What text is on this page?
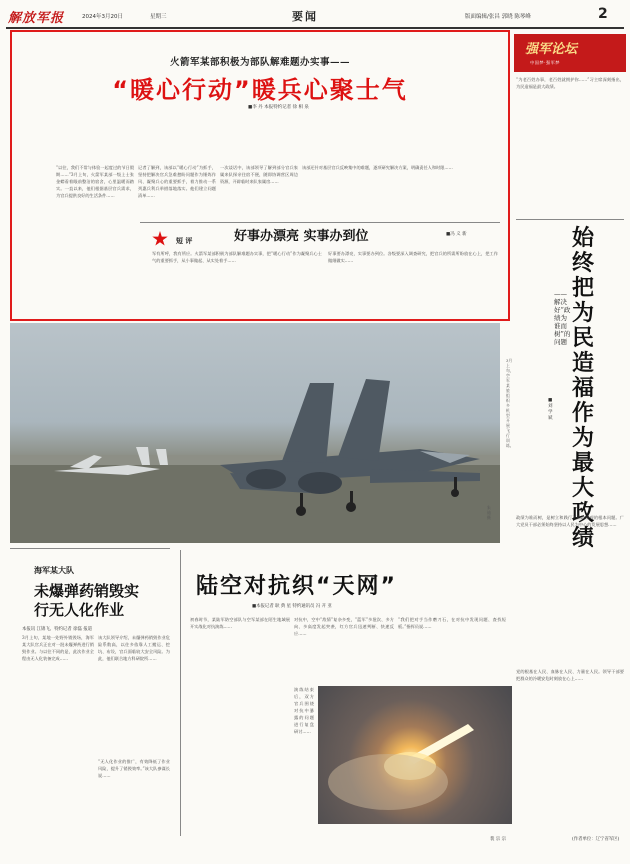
解放军报	2024年3月20日	星期三	要闻	版面编辑/张昌 郭晓 陈琴峰	2
火箭军某部积极为部队解难题办实事——
“暖心行动”暖兵心聚士气
■李 丹 本报特约记者 徐 相 泉
“以往，我们不常与体验一起度过的节日假期……”3月上旬，火箭军某部一级上士张金蟒看着眼前整洁的宿舍，心里温暖而踏实。一直以来，他们根据基层官兵需求，为官兵提供良好的生活条件……
记者了解到，该部以“暖心行动”为抓手，坚持把解决官兵急难愁盼问题作为锤炼作风、凝聚兵心的重要抓手，着力推动一系列惠兵利兵举措落地落实。他们建立问题清单……
一次谈话中，该部领导了解到部分官兵家属来队探亲住宿不便，随即协调营区周边资源，开辟临时来队家属房……
该部还针对基层官兵反映集中的难题，逐项研究解决方案，明确责任人和时限……
短 评	好事办漂亮 实事办到位	■冯 义 新
军有所呼，我有所应。火箭军某部积极为部队解难题办实事，把“暖心行动”作为凝聚兵心士气的重要抓手，从小事做起、从实处着手……
好事要办漂亮，实事要办到位。各级要深入调查研究，把官兵的所需所盼放在心上，把工作做细做实……
强军论坛
中国梦·强军梦
“为老百姓办事，老百姓就拥护你……”习主席深刻指出，为民造福是最大政绩。
始终把为民造福作为最大政绩
——解决好“政绩为谁而树”的问题
■刘学斌
政绩为谁而树，是树立和践行正确政绩观的根本问题。广大党员干部必须始终坚持以人民为中心的发展思想……
党的根基在人民、血脉在人民、力量在人民。领导干部要把群众的冷暖安危时刻放在心上……
(作者单位：辽宁省军区)
3月上旬，空军某旅组织多机型开展飞行训练。
朱 迪 摄
海军某大队
未爆弹药销毁实行无人化作业
本报讯 江锦飞、特约记者 徐磊 报道
3月上旬，某地一处野外销毁场，海军某大队官兵正在对一批未爆弹药进行销毁作业。与以往不同的是，此次作业全程由无人化装备完成……
该大队领导介绍，未爆弹药销毁作业危险系数高，以往多依靠人工搬运、挖坑、布设，官兵面临较大安全风险。为此，他们联合地方科研院所……
“无人化作业的推广，有效降低了作业风险，提升了销毁效率。”该大队参谋长说……
陆空对抗织“天网”
■本报记者 耿 典 星 特约通讯员 冯 开 亚
初春时节，某陆军防空部队与空军某部在陌生地域展开实战化对抗演练……
对抗中，空中“敌情”复杂多变，“蓝军”多批次、多方向、多高度发起突袭，红方官兵迅速判断、快速反应……
“我们把对手当作磨刀石，在对抗中发现问题、查找短板。”指挥员说……
演练结束后，双方官兵围绕对抗中暴露的问题进行复盘研讨……
裴 宗 宗
